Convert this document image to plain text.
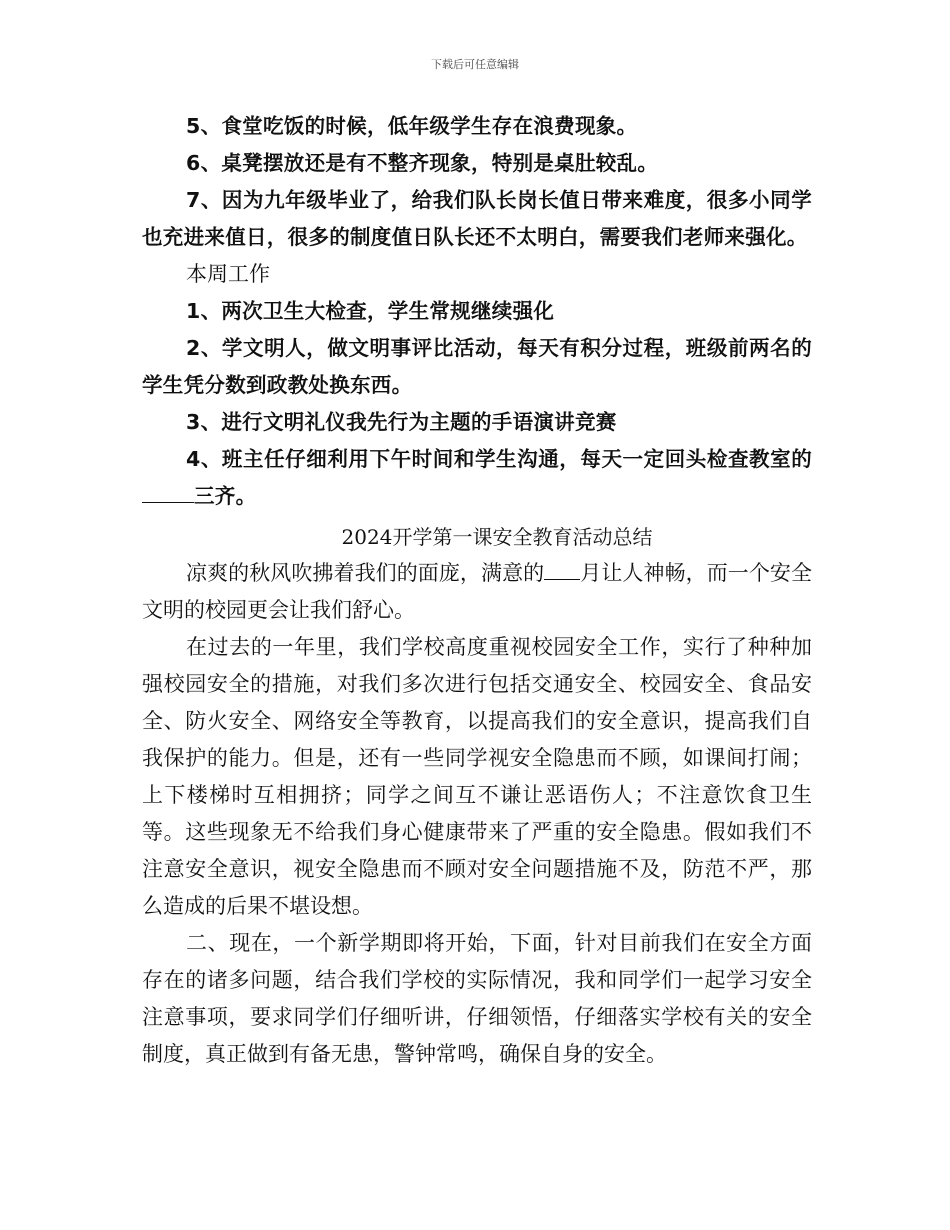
下载后可任意编辑

5、食堂吃饭的时候，低年级学生存在浪费现象。

6、桌凳摆放还是有不整齐现象，特别是桌肚较乱。

7、因为九年级毕业了，给我们队长岗长值日带来难度，很多小同学也充进来值日，很多的制度值日队长还不太明白，需要我们老师来强化。

本周工作

1、两次卫生大检查，学生常规继续强化

2、学文明人，做文明事评比活动，每天有积分过程，班级前两名的学生凭分数到政教处换东西。

3、进行文明礼仪我先行为主题的手语演讲竞赛

4、班主任仔细利用下午时间和学生沟通，每天一定回头检查教室的三齐。

2024开学第一课安全教育活动总结

凉爽的秋风吹拂着我们的面庞，满意的 月让人神畅，而一个安全文明的校园更会让我们舒心。

在过去的一年里，我们学校高度重视校园安全工作，实行了种种加强校园安全的措施，对我们多次进行包括交通安全、校园安全、食品安全、防火安全、网络安全等教育，以提高我们的安全意识，提高我们自我保护的能力。但是，还有一些同学视安全隐患而不顾，如课间打闹；上下楼梯时互相拥挤；同学之间互不谦让恶语伤人；不注意饮食卫生等。这些现象无不给我们身心健康带来了严重的安全隐患。假如我们不注意安全意识，视安全隐患而不顾对安全问题措施不及，防范不严，那么造成的后果不堪设想。

二、现在，一个新学期即将开始，下面，针对目前我们在安全方面存在的诸多问题，结合我们学校的实际情况，我和同学们一起学习安全注意事项，要求同学们仔细听讲，仔细领悟，仔细落实学校有关的安全制度，真正做到有备无患，警钟常鸣，确保自身的安全。
